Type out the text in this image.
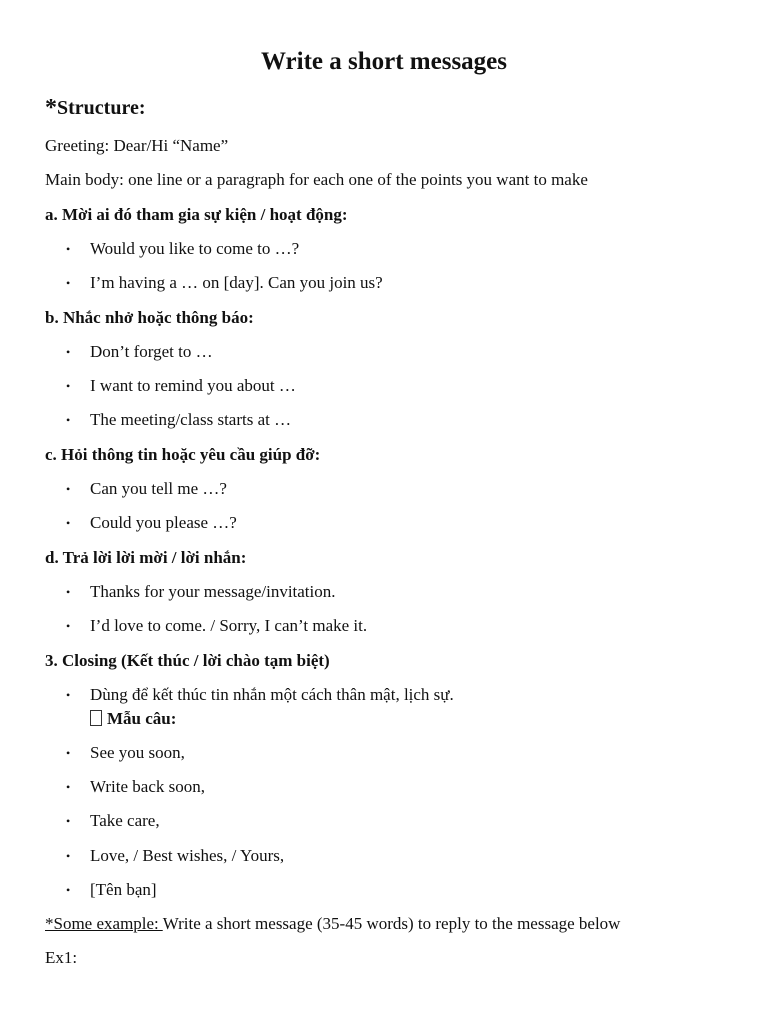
Write a short messages
*Structure:
Greeting: Dear/Hi “Name”
Main body: one line or a paragraph for each one of the points you want to make
a. Mời ai đó tham gia sự kiện / hoạt động:
• Would you like to come to …?
• I’m having a … on [day]. Can you join us?
b. Nhắc nhở hoặc thông báo:
• Don’t forget to …
• I want to remind you about …
• The meeting/class starts at …
c. Hỏi thông tin hoặc yêu cầu giúp đỡ:
• Can you tell me …?
• Could you please …?
d. Trả lời lời mời / lời nhắn:
• Thanks for your message/invitation.
• I’d love to come. / Sorry, I can’t make it.
3. Closing (Kết thúc / lời chào tạm biệt)
• Dùng để kết thúc tin nhắn một cách thân mật, lịch sự.
Mẫu câu:
• See you soon,
• Write back soon,
• Take care,
• Love, / Best wishes, / Yours,
• [Tên bạn]
*Some example: Write a short message (35-45 words) to reply to the message below
Ex1:
